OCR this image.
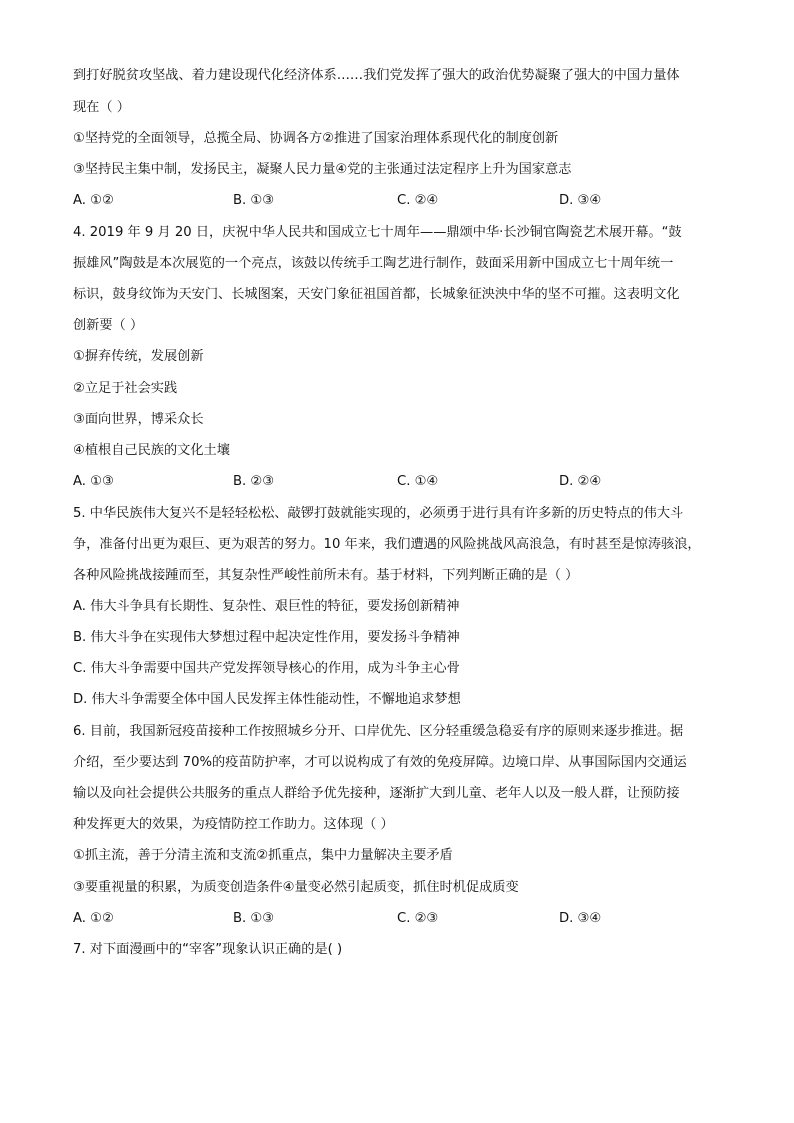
到打好脱贫攻坚战、着力建设现代化经济体系……我们党发挥了强大的政治优势凝聚了强大的中国力量体
现在（ ）
①坚持党的全面领导，总揽全局、协调各方②推进了国家治理体系现代化的制度创新
③坚持民主集中制，发扬民主，凝聚人民力量④党的主张通过法定程序上升为国家意志
A. ①②	B. ①③	C. ②④	D. ③④
4. 2019 年 9 月 20 日，庆祝中华人民共和国成立七十周年——鼎颂中华·长沙铜官陶瓷艺术展开幕。“鼓
振雄风”陶鼓是本次展览的一个亮点，该鼓以传统手工陶艺进行制作，鼓面采用新中国成立七十周年统一
标识，鼓身纹饰为天安门、长城图案，天安门象征祖国首都，长城象征泱泱中华的坚不可摧。这表明文化
创新要（ ）
①摒弃传统，发展创新
②立足于社会实践
③面向世界，博采众长
④植根自己民族的文化土壤
A. ①③	B. ②③	C. ①④	D. ②④
5. 中华民族伟大复兴不是轻轻松松、敲锣打鼓就能实现的，必须勇于进行具有许多新的历史特点的伟大斗
争，准备付出更为艰巨、更为艰苦的努力。10 年来，我们遭遇的风险挑战风高浪急，有时甚至是惊涛骇浪，
各种风险挑战接踵而至，其复杂性严峻性前所未有。基于材料，下列判断正确的是（ ）
A. 伟大斗争具有长期性、复杂性、艰巨性的特征，要发扬创新精神
B. 伟大斗争在实现伟大梦想过程中起决定性作用，要发扬斗争精神
C. 伟大斗争需要中国共产党发挥领导核心的作用，成为斗争主心骨
D. 伟大斗争需要全体中国人民发挥主体性能动性，不懈地追求梦想
6. 目前，我国新冠疫苗接种工作按照城乡分开、口岸优先、区分轻重缓急稳妥有序的原则来逐步推进。据
介绍，至少要达到 70%的疫苗防护率，才可以说构成了有效的免疫屏障。边境口岸、从事国际国内交通运
输以及向社会提供公共服务的重点人群给予优先接种，逐渐扩大到儿童、老年人以及一般人群，让预防接
种发挥更大的效果，为疫情防控工作助力。这体现（ ）
①抓主流，善于分清主流和支流②抓重点，集中力量解决主要矛盾
③要重视量的积累，为质变创造条件④量变必然引起质变，抓住时机促成质变
A. ①②	B. ①③	C. ②③	D. ③④
7. 对下面漫画中的“宰客”现象认识正确的是( )
